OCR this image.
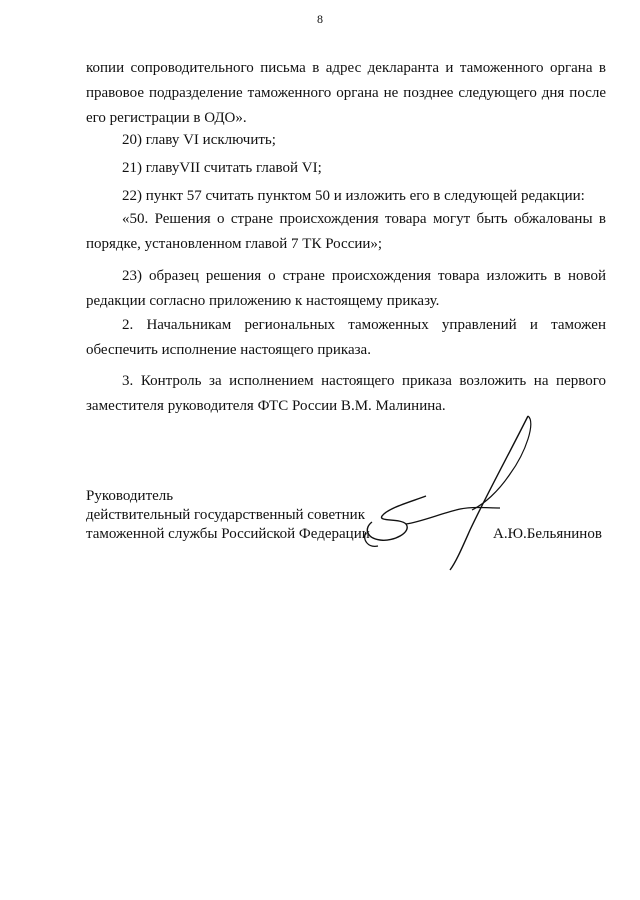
8

копии сопроводительного письма в адрес декларанта и таможенного органа в

правовое подразделение таможенного органа не позднее следующего дня после

его регистрации в ОДО».

20) главу VI исключить;

21) главуVII считать главой VI;

22) пункт 57 считать пунктом 50 и изложить его в следующей редакции:

«50. Решения о стране происхождения товара могут быть обжалованы в

порядке, установленном главой 7 ТК России»;

23) образец решения о стране происхождения товара изложить в новой

редакции согласно приложению к настоящему приказу.

2. Начальникам региональных таможенных управлений и таможен

обеспечить исполнение настоящего приказа.

3. Контроль за исполнением настоящего приказа возложить на первого

заместителя руководителя ФТС России В.М. Малинина.

Руководитель
действительный государственный советник
таможенной службы Российской Федерации	А.Ю.Бельянинов
